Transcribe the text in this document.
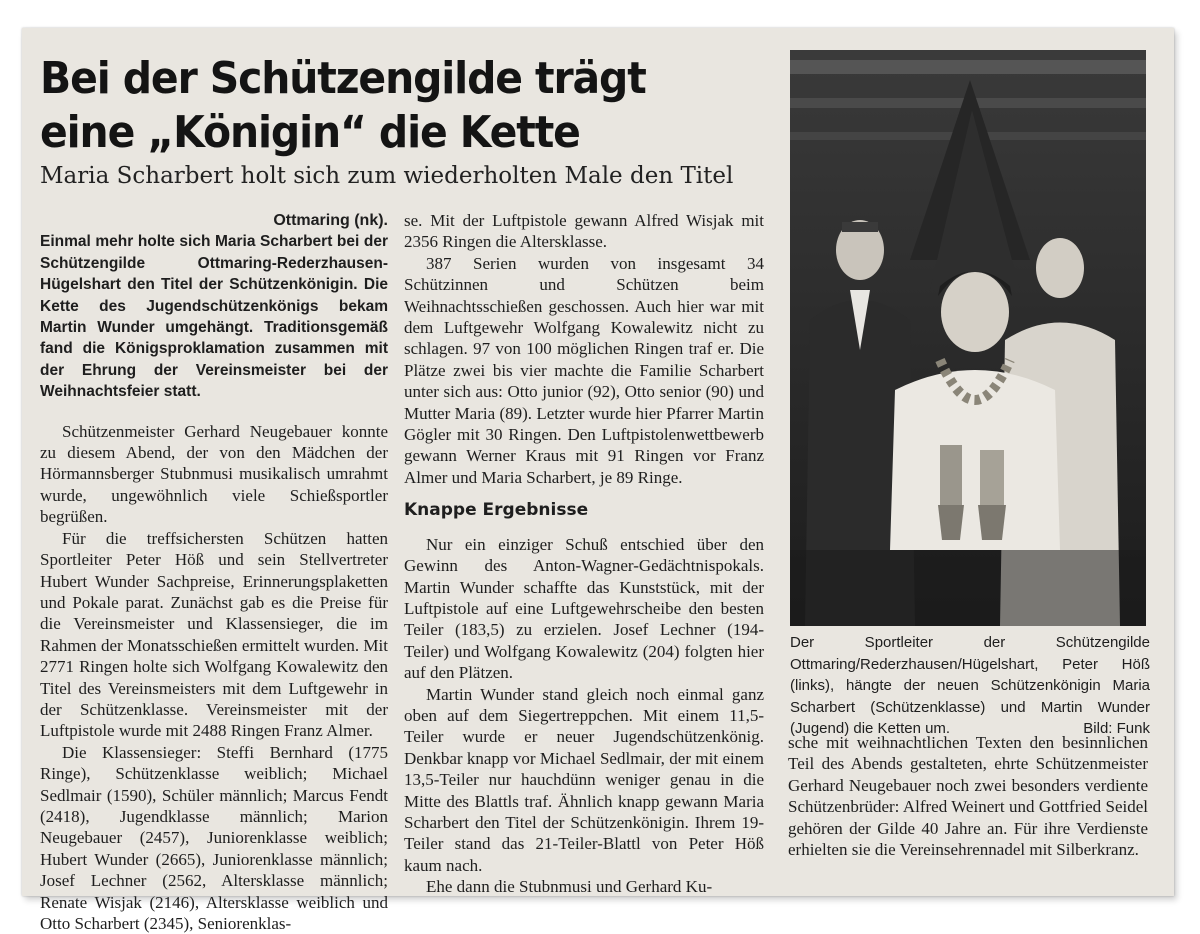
Bei der Schützengilde trägt
eine „Königin“ die Kette

Maria Scharbert holt sich zum wiederholten Male den Titel

Ottmaring (nk).

Einmal mehr holte sich Maria Scharbert bei der Schützengilde Ottmaring-Rederzhausen-Hügelshart den Titel der Schützenkönigin. Die Kette des Jugendschützenkönigs bekam Martin Wunder umgehängt. Traditionsgemäß fand die Königsproklamation zusammen mit der Ehrung der Vereinsmeister bei der Weihnachtsfeier statt.

Schützenmeister Gerhard Neugebauer konnte zu diesem Abend, der von den Mädchen der Hörmannsberger Stubnmusi musikalisch umrahmt wurde, ungewöhnlich viele Schießsportler begrüßen.

Für die treffsichersten Schützen hatten Sportleiter Peter Höß und sein Stellvertreter Hubert Wunder Sachpreise, Erinnerungsplaketten und Pokale parat. Zunächst gab es die Preise für die Vereinsmeister und Klassensieger, die im Rahmen der Monatsschießen ermittelt wurden. Mit 2771 Ringen holte sich Wolfgang Kowalewitz den Titel des Vereinsmeisters mit dem Luftgewehr in der Schützenklasse. Vereinsmeister mit der Luftpistole wurde mit 2488 Ringen Franz Almer.

Die Klassensieger: Steffi Bernhard (1775 Ringe), Schützenklasse weiblich; Michael Sedlmair (1590), Schüler männlich; Marcus Fendt (2418), Jugendklasse männlich; Marion Neugebauer (2457), Juniorenklasse weiblich; Hubert Wunder (2665), Juniorenklasse männlich; Josef Lechner (2562, Altersklasse männlich; Renate Wisjak (2146), Altersklasse weiblich und Otto Scharbert (2345), Seniorenklas-

se. Mit der Luftpistole gewann Alfred Wisjak mit 2356 Ringen die Altersklasse.

387 Serien wurden von insgesamt 34 Schützinnen und Schützen beim Weihnachtsschießen geschossen. Auch hier war mit dem Luftgewehr Wolfgang Kowalewitz nicht zu schlagen. 97 von 100 möglichen Ringen traf er. Die Plätze zwei bis vier machte die Familie Scharbert unter sich aus: Otto junior (92), Otto senior (90) und Mutter Maria (89). Letzter wurde hier Pfarrer Martin Gögler mit 30 Ringen. Den Luftpistolenwettbewerb gewann Werner Kraus mit 91 Ringen vor Franz Almer und Maria Scharbert, je 89 Ringe.

Knappe Ergebnisse

Nur ein einziger Schuß entschied über den Gewinn des Anton-Wagner-Gedächtnispokals. Martin Wunder schaffte das Kunststück, mit der Luftpistole auf eine Luftgewehrscheibe den besten Teiler (183,5) zu erzielen. Josef Lechner (194-Teiler) und Wolfgang Kowalewitz (204) folgten hier auf den Plätzen.

Martin Wunder stand gleich noch einmal ganz oben auf dem Siegertreppchen. Mit einem 11,5-Teiler wurde er neuer Jugendschützenkönig. Denkbar knapp vor Michael Sedlmair, der mit einem 13,5-Teiler nur hauchdünn weniger genau in die Mitte des Blattls traf. Ähnlich knapp gewann Maria Scharbert den Titel der Schützenkönigin. Ihrem 19-Teiler stand das 21-Teiler-Blattl von Peter Höß kaum nach.

Ehe dann die Stubnmusi und Gerhard Ku-

Der Sportleiter der Schützengilde Ottmaring/Rederzhausen/Hügelshart, Peter Höß (links), hängte der neuen Schützenkönigin Maria Scharbert (Schützenklasse) und Martin Wunder (Jugend) die Ketten um.	Bild: Funk

sche mit weihnachtlichen Texten den besinnlichen Teil des Abends gestalteten, ehrte Schützenmeister Gerhard Neugebauer noch zwei besonders verdiente Schützenbrüder: Alfred Weinert und Gottfried Seidel gehören der Gilde 40 Jahre an. Für ihre Verdienste erhielten sie die Vereinsehrennadel mit Silberkranz.
